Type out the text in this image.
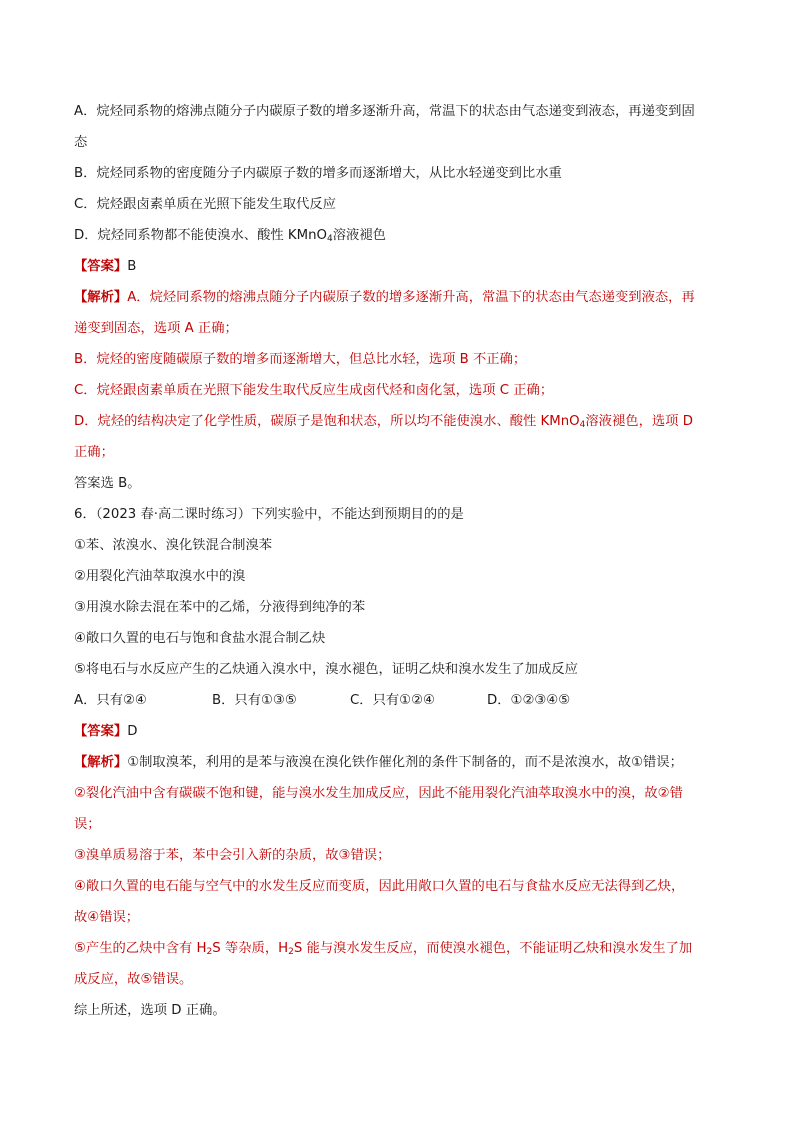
A．烷烃同系物的熔沸点随分子内碳原子数的增多逐渐升高，常温下的状态由气态递变到液态，再递变到固
态
B．烷烃同系物的密度随分子内碳原子数的增多而逐渐增大，从比水轻递变到比水重
C．烷烃跟卤素单质在光照下能发生取代反应
D．烷烃同系物都不能使溴水、酸性 KMnO$_4$溶液褪色
【答案】B
【解析】A．烷烃同系物的熔沸点随分子内碳原子数的增多逐渐升高，常温下的状态由气态递变到液态，再
递变到固态，选项 A 正确；
B．烷烃的密度随碳原子数的增多而逐渐增大，但总比水轻，选项 B 不正确；
C．烷烃跟卤素单质在光照下能发生取代反应生成卤代烃和卤化氢，选项 C 正确；
D．烷烃的结构决定了化学性质，碳原子是饱和状态，所以均不能使溴水、酸性 KMnO$_4$溶液褪色，选项 D
正确；
答案选 B。
6．（2023 春·高二课时练习）下列实验中，不能达到预期目的的是
①苯、浓溴水、溴化铁混合制溴苯
②用裂化汽油萃取溴水中的溴
③用溴水除去混在苯中的乙烯，分液得到纯净的苯
④敞口久置的电石与饱和食盐水混合制乙炔
⑤将电石与水反应产生的乙炔通入溴水中，溴水褪色，证明乙炔和溴水发生了加成反应
A．只有②④	B．只有①③⑤	C．只有①②④	D．①②③④⑤
【答案】D
【解析】①制取溴苯，利用的是苯与液溴在溴化铁作催化剂的条件下制备的，而不是浓溴水，故①错误；
②裂化汽油中含有碳碳不饱和键，能与溴水发生加成反应，因此不能用裂化汽油萃取溴水中的溴，故②错
误；
③溴单质易溶于苯，苯中会引入新的杂质，故③错误；
④敞口久置的电石能与空气中的水发生反应而变质，因此用敞口久置的电石与食盐水反应无法得到乙炔，
故④错误；
⑤产生的乙炔中含有 $H_2S$ 等杂质，$H_2S$ 能与溴水发生反应，而使溴水褪色，不能证明乙炔和溴水发生了加
成反应，故⑤错误。
综上所述，选项 D 正确。
